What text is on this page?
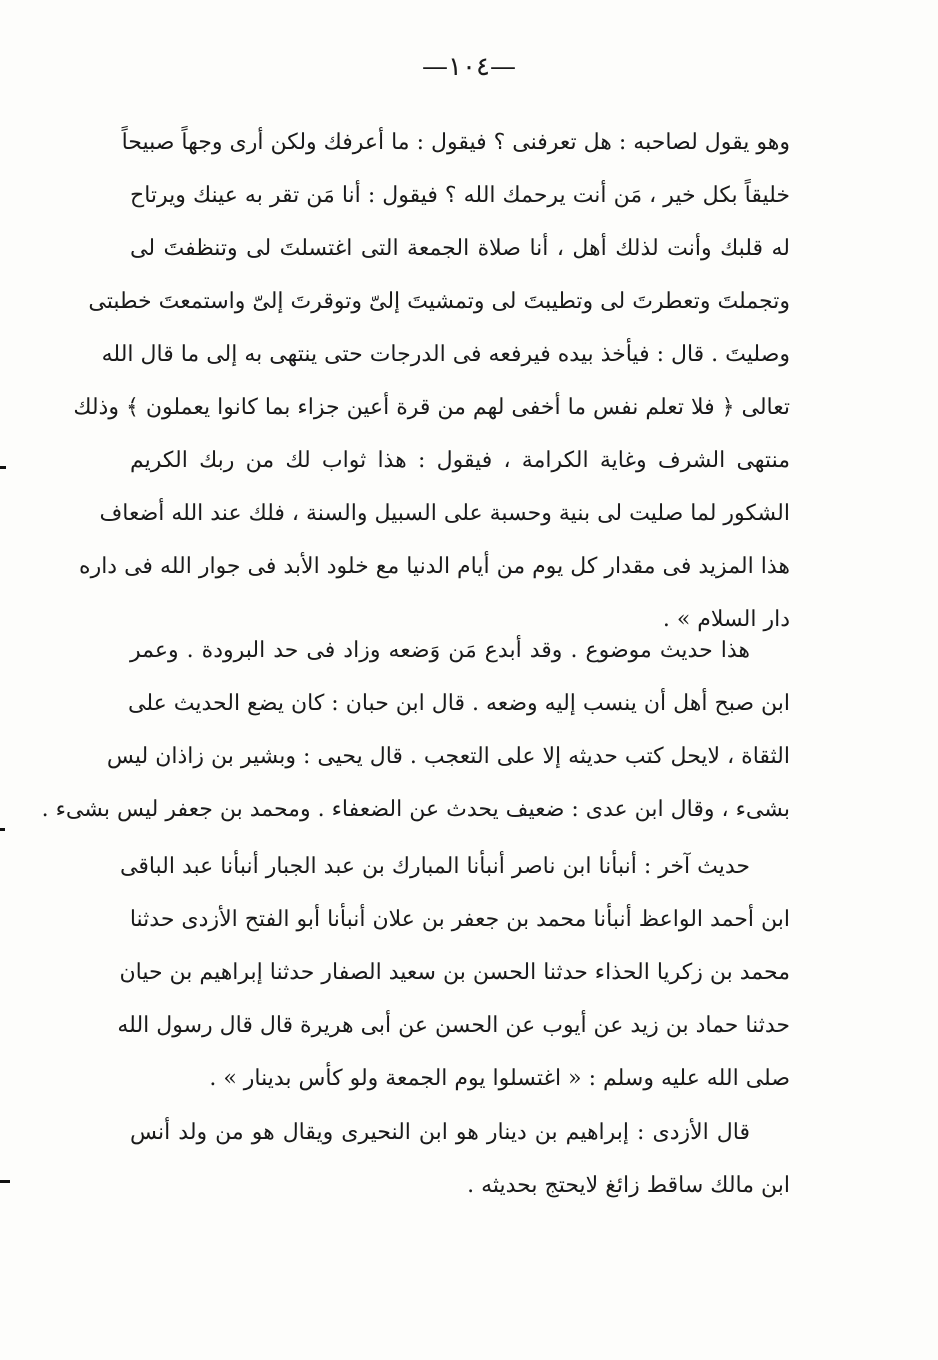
—١٠٤—
وهو يقول لصاحبه : هل تعرفنى ؟ فيقول : ما أعرفك ولكن أرى وجهاً صبيحاً
خليقاً بكل خير ، مَن أنت يرحمك الله ؟ فيقول : أنا مَن تقر به عينك ويرتاح
له قلبك وأنت لذلك أهل ، أنا صلاة الجمعة التى اغتسلتَ لى وتنظفتَ لى
وتجملتَ وتعطرتَ لى وتطيبتَ لى وتمشيتَ إلىّ وتوقرتَ إلىّ واستمعتَ خطبتى
وصليتَ . قال : فيأخذ بيده فيرفعه فى الدرجات حتى ينتهى به إلى ما قال الله
تعالى ﴿ فلا تعلم نفس ما أخفى لهم من قرة أعين جزاء بما كانوا يعملون ﴾ وذلك
منتهى الشرف وغاية الكرامة ، فيقول : هذا ثواب لك من ربك الكريم
الشكور لما صليت لى بنية وحسبة على السبيل والسنة ، فلك عند الله أضعاف
هذا المزيد فى مقدار كل يوم من أيام الدنيا مع خلود الأبد فى جوار الله فى داره
دار السلام » .
هذا حديث موضوع . وقد أبدع مَن وَضعه وزاد فى حد البرودة . وعمر
ابن صبح أهل أن ينسب إليه وضعه . قال ابن حبان : كان يضع الحديث على
الثقاة ، لايحل كتب حديثه إلا على التعجب . قال يحيى : وبشير بن زاذان ليس
بشىء ، وقال ابن عدى : ضعيف يحدث عن الضعفاء . ومحمد بن جعفر ليس بشىء .
حديث آخر : أنبأنا ابن ناصر أنبأنا المبارك بن عبد الجبار أنبأنا عبد الباقى
ابن أحمد الواعظ أنبأنا محمد بن جعفر بن علان أنبأنا أبو الفتح الأزدى حدثنا
محمد بن زكريا الحذاء حدثنا الحسن بن سعيد الصفار حدثنا إبراهيم بن حيان
حدثنا حماد بن زيد عن أيوب عن الحسن عن أبى هريرة قال قال رسول الله
صلى الله عليه وسلم : « اغتسلوا يوم الجمعة ولو كأس بدينار » .
قال الأزدى : إبراهيم بن دينار هو ابن النحيرى ويقال هو من ولد أنس
ابن مالك ساقط زائغ لايحتج بحديثه .
